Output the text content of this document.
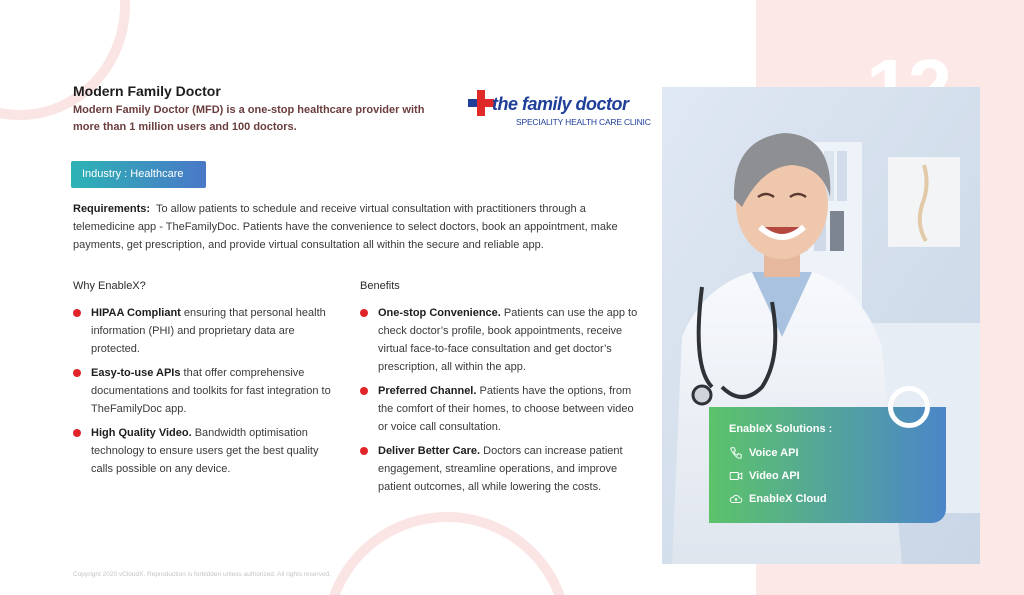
Modern Family Doctor

Modern Family Doctor (MFD) is a one-stop healthcare provider with more than 1 million users and 100 doctors.

the family doctor
SPECIALITY HEALTH CARE CLINIC
Industry : Healthcare

Requirements: To allow patients to schedule and receive virtual consultation with practitioners through a telemedicine app - TheFamilyDoc. Patients have the convenience to select doctors, book an appointment, make payments, get prescription, and provide virtual consultation all within the secure and reliable app.

Why EnableX?
HIPAA Compliant ensuring that personal health information (PHI) and proprietary data are protected.
Easy-to-use APIs that offer comprehensive documentations and toolkits for fast integration to TheFamilyDoc app.
High Quality Video. Bandwidth optimisation technology to ensure users get the best quality calls possible on any device.
Benefits
One-stop Convenience. Patients can use the app to check doctor’s profile, book appointments, receive virtual face-to-face consultation and get doctor’s prescription, all within the app.
Preferred Channel. Patients have the options, from the comfort of their homes, to choose between video or voice call consultation.
Deliver Better Care. Doctors can increase patient engagement, streamline operations, and improve patient outcomes, all while lowering the costs.
Copyright 2020 vCloudX. Reproduction is forbidden unless authorized. All rights reserved.
EnableX Solutions :
Voice API
Video API
EnableX Cloud
